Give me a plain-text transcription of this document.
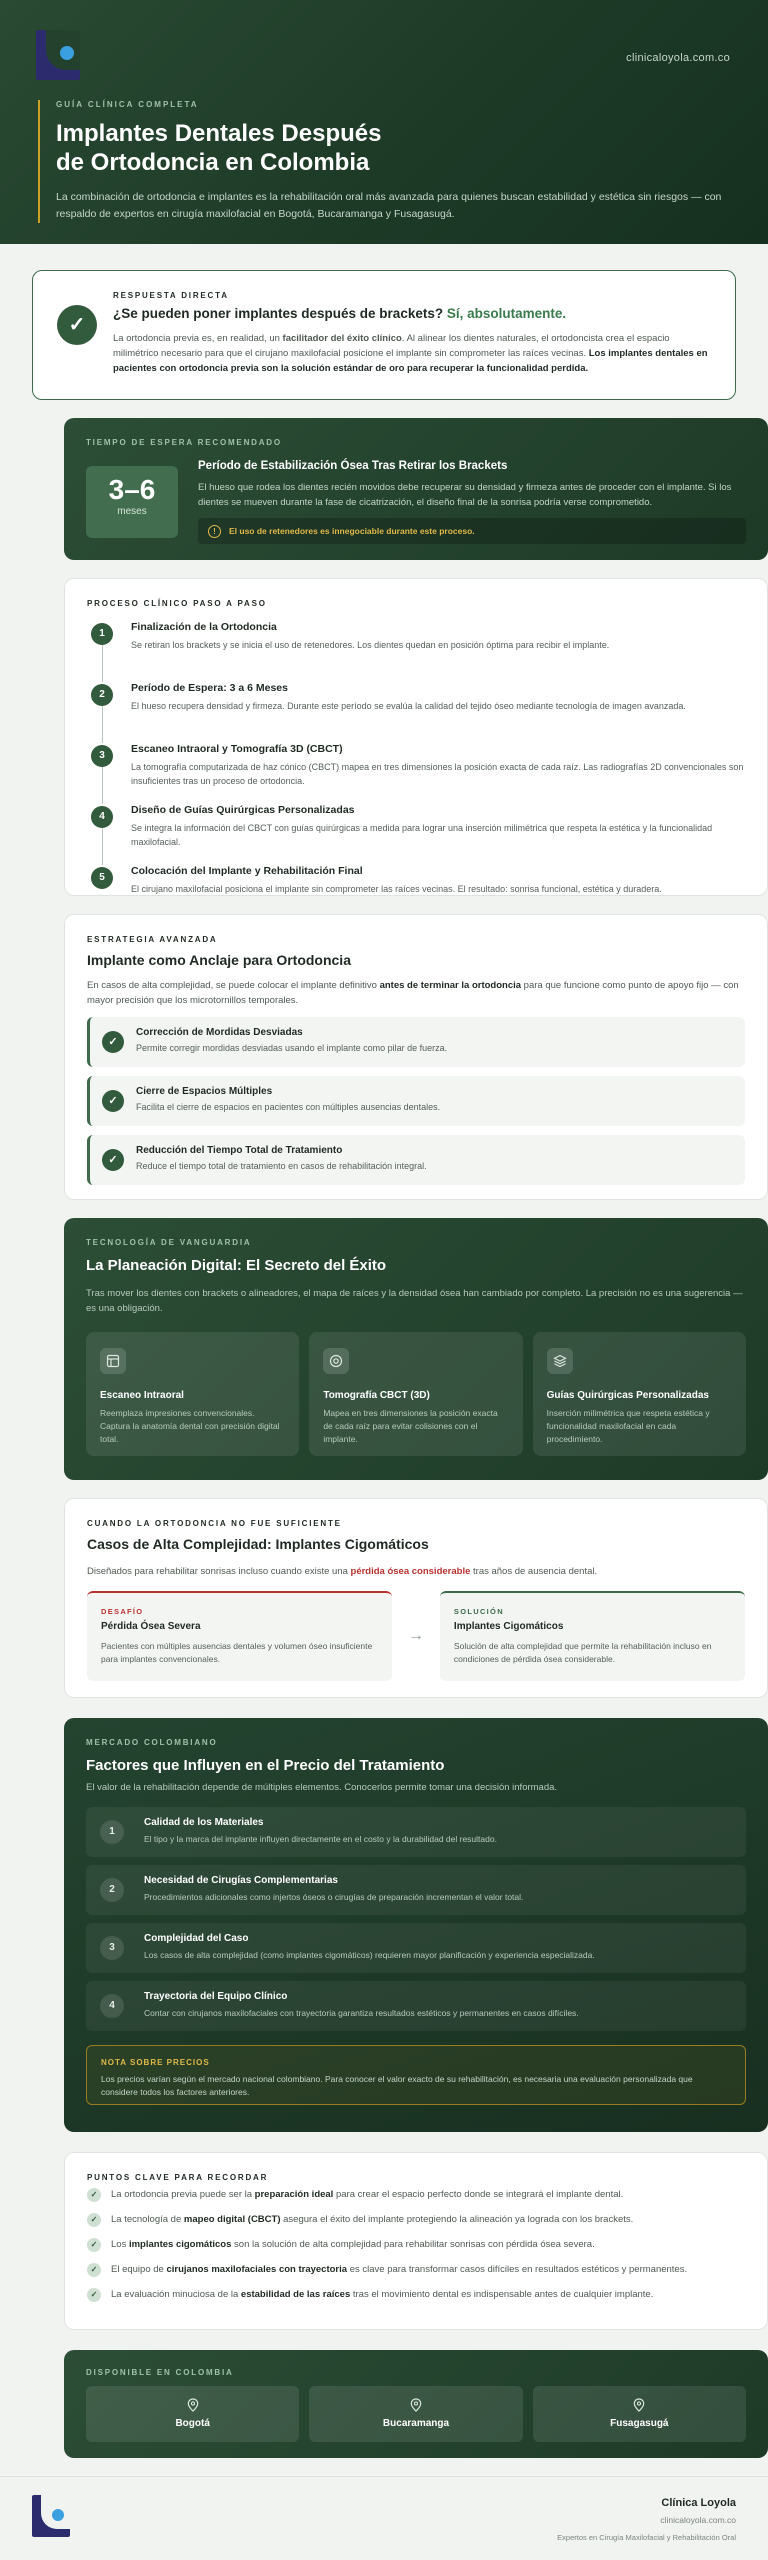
clinicaloyola.com.co
GUÍA CLÍNICA COMPLETA
Implantes Dentales Después
de Ortodoncia en Colombia

La combinación de ortodoncia e implantes es la rehabilitación oral más avanzada para quienes buscan estabilidad y estética sin riesgos — con respaldo de expertos en cirugía maxilofacial en Bogotá, Bucaramanga y Fusagasugá.

✓
RESPUESTA DIRECTA
¿Se pueden poner implantes después de brackets? Sí, absolutamente.

La ortodoncia previa es, en realidad, un facilitador del éxito clínico. Al alinear los dientes naturales, el ortodoncista crea el espacio milimétrico necesario para que el cirujano maxilofacial posicione el implante sin comprometer las raíces vecinas. Los implantes dentales en pacientes con ortodoncia previa son la solución estándar de oro para recuperar la funcionalidad perdida.

TIEMPO DE ESPERA RECOMENDADO
3–6
meses
Período de Estabilización Ósea Tras Retirar los Brackets
El hueso que rodea los dientes recién movidos debe recuperar su densidad y firmeza antes de proceder con el implante. Si los dientes se mueven durante la fase de cicatrización, el diseño final de la sonrisa podría verse comprometido.
!	El uso de retenedores es innegociable durante este proceso.
PROCESO CLÍNICO PASO A PASO
1
Finalización de la Ortodoncia
Se retiran los brackets y se inicia el uso de retenedores. Los dientes quedan en posición óptima para recibir el implante.
2
Período de Espera: 3 a 6 Meses
El hueso recupera densidad y firmeza. Durante este período se evalúa la calidad del tejido óseo mediante tecnología de imagen avanzada.
3
Escaneo Intraoral y Tomografía 3D (CBCT)
La tomografía computarizada de haz cónico (CBCT) mapea en tres dimensiones la posición exacta de cada raíz. Las radiografías 2D convencionales son insuficientes tras un proceso de ortodoncia.
4
Diseño de Guías Quirúrgicas Personalizadas
Se integra la información del CBCT con guías quirúrgicas a medida para lograr una inserción milimétrica que respeta la estética y la funcionalidad maxilofacial.
5
Colocación del Implante y Rehabilitación Final
El cirujano maxilofacial posiciona el implante sin comprometer las raíces vecinas. El resultado: sonrisa funcional, estética y duradera.
ESTRATEGIA AVANZADA
Implante como Anclaje para Ortodoncia

En casos de alta complejidad, se puede colocar el implante definitivo antes de terminar la ortodoncia para que funcione como punto de apoyo fijo — con mayor precisión que los microtornillos temporales.

✓
Corrección de Mordidas Desviadas
Permite corregir mordidas desviadas usando el implante como pilar de fuerza.
✓
Cierre de Espacios Múltiples
Facilita el cierre de espacios en pacientes con múltiples ausencias dentales.
✓
Reducción del Tiempo Total de Tratamiento
Reduce el tiempo total de tratamiento en casos de rehabilitación integral.
TECNOLOGÍA DE VANGUARDIA
La Planeación Digital: El Secreto del Éxito

Tras mover los dientes con brackets o alineadores, el mapa de raíces y la densidad ósea han cambiado por completo. La precisión no es una sugerencia — es una obligación.

Escaneo Intraoral
Reemplaza impresiones convencionales. Captura la anatomía dental con precisión digital total.
Tomografía CBCT (3D)
Mapea en tres dimensiones la posición exacta de cada raíz para evitar colisiones con el implante.
Guías Quirúrgicas Personalizadas
Inserción milimétrica que respeta estética y funcionalidad maxilofacial en cada procedimiento.
CUANDO LA ORTODONCIA NO FUE SUFICIENTE
Casos de Alta Complejidad: Implantes Cigomáticos

Diseñados para rehabilitar sonrisas incluso cuando existe una pérdida ósea considerable tras años de ausencia dental.

DESAFÍO
Pérdida Ósea Severa
Pacientes con múltiples ausencias dentales y volumen óseo insuficiente para implantes convencionales.
→
SOLUCIÓN
Implantes Cigomáticos
Solución de alta complejidad que permite la rehabilitación incluso en condiciones de pérdida ósea considerable.
MERCADO COLOMBIANO
Factores que Influyen en el Precio del Tratamiento
El valor de la rehabilitación depende de múltiples elementos. Conocerlos permite tomar una decisión informada.
1
Calidad de los Materiales
El tipo y la marca del implante influyen directamente en el costo y la durabilidad del resultado.
2
Necesidad de Cirugías Complementarias
Procedimientos adicionales como injertos óseos o cirugías de preparación incrementan el valor total.
3
Complejidad del Caso
Los casos de alta complejidad (como implantes cigomáticos) requieren mayor planificación y experiencia especializada.
4
Trayectoria del Equipo Clínico
Contar con cirujanos maxilofaciales con trayectoria garantiza resultados estéticos y permanentes en casos difíciles.
NOTA SOBRE PRECIOS
Los precios varían según el mercado nacional colombiano. Para conocer el valor exacto de su rehabilitación, es necesaria una evaluación personalizada que considere todos los factores anteriores.
PUNTOS CLAVE PARA RECORDAR
✓	La ortodoncia previa puede ser la preparación ideal para crear el espacio perfecto donde se integrará el implante dental.
✓	La tecnología de mapeo digital (CBCT) asegura el éxito del implante protegiendo la alineación ya lograda con los brackets.
✓	Los implantes cigomáticos son la solución de alta complejidad para rehabilitar sonrisas con pérdida ósea severa.
✓	El equipo de cirujanos maxilofaciales con trayectoria es clave para transformar casos difíciles en resultados estéticos y permanentes.
✓	La evaluación minuciosa de la estabilidad de las raíces tras el movimiento dental es indispensable antes de cualquier implante.
DISPONIBLE EN COLOMBIA
Bogotá	Bucaramanga	Fusagasugá
Clínica Loyola
clinicaloyola.com.co
Expertos en Cirugía Maxilofacial y Rehabilitación Oral
